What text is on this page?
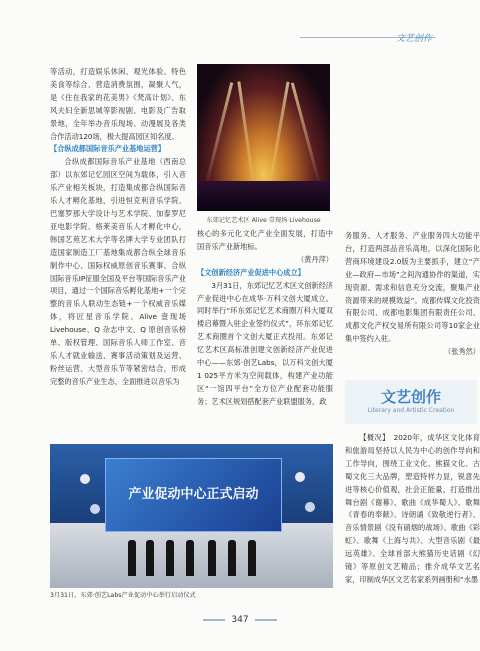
文艺创作

等活动，打造娱乐休闲、观光体验、特色美食等综合、营造消费氛围，凝聚人气，是《住在我家的花美男》《梵高计划》、东风夫妇全新思城等影视剧、电影及广告取景地，全年举办音乐现场、动漫展及各类合作活动120场，极大提高园区知名度。

【合纵成都国际音乐产业基地运营】

合纵成都国际音乐产业基地（西南总部）以东郊记忆园区空间为载体，引入音乐产业相关板块，打造集成都合纵国际音乐人才孵化基地，引进恒克利音乐学院、巴塞罗那大学设计与艺术学院、加泰罗尼亚电影学院、格莱美音乐人才孵化中心，韩国艺苑艺术大学等名牌大学专业团队打造国家制造工厂基地集成都合纵全球音乐制作中心、国际权威原创音乐赛事、合纵国际音乐IP征服全国及平台等国际音乐产业项目，通过一个国际音乐孵化基地+一个完整的音乐人联动生态链+一个权威音乐媒体，将匠星音乐学院、Alive 壹现场 Livehouse、Q 杂志中文、Q 原创音乐榜单、版权管理、国际音乐人师工作室、音乐人才就业输送、赛事活动策划及运营、粉丝运营、大型音乐节等紧密结合，形成完整的音乐产业生态，全面推进以音乐为

东郊记忆艺术区 Alive 壹现场 Livehouse

核心的多元化文化产业全面发展，打造中国音乐产业新地标。

（黄丹萍）

【文创新经济产业促进中心成立】

3月31日，东郊记忆艺术区文创新经济产业促进中心在成华·万科文创大厦成立。同时举行“环东郊记忆艺术商圈万科大厦双楼启幕暨入驻企业签约仪式”，环东郊记忆艺术商圈首个文创大厦正式投用。东郊记忆艺术区高标准创建文创新经济产业促进中心——东郊·创艺Labs，以万科文创大厦1 025平方米为空间载体，构建产业功能区“一馆四平台”全方位产业配套功能服务；艺术区规划搭配套产业联盟服务，政

务服务、人才服务、产业服务四大功能平台，打造两部品音乐高地，以深化国际化营商环境建设2.0版为主要抓手，建立“产业—政府—市场”之间沟通协作的渠道，实现资源、需求和信息充分交流，聚集产业资源带来的规模效益”。成都传媒文化投资有限公司、成都电影集团有限责任公司、成都文化产权交易所有限公司等10家企业集中签约入驻。

（张秀然）

文艺创作
Literary and Artistic Creation

【概况】　2020年，成华区文化体育和旅游局坚持以人民为中心的创作导向和工作导向，围绕工业文化、熊猫文化、古蜀文化三大品牌，塑造特样力显，锐意先进等核心价值观，社会正能量，打造推出舞台剧《谢幕》、歌曲《成华蜀人》、歌舞《青春的奉献》、诗朗诵《致敬逆行者》、音乐情景剧《没有硝烟的战场》、歌曲《彩虹》、歌舞《上海与共》、大型音乐剧《最远英雄》、全球首部大熊猫历史话剧《幻镜》等原创文艺精品；推介成华文艺名家，印制成华区文艺名家系列画册和“水墨

产业促动中心正式启动
3月31日，东郊·创艺Labs产业促动中心举行启动仪式
347
